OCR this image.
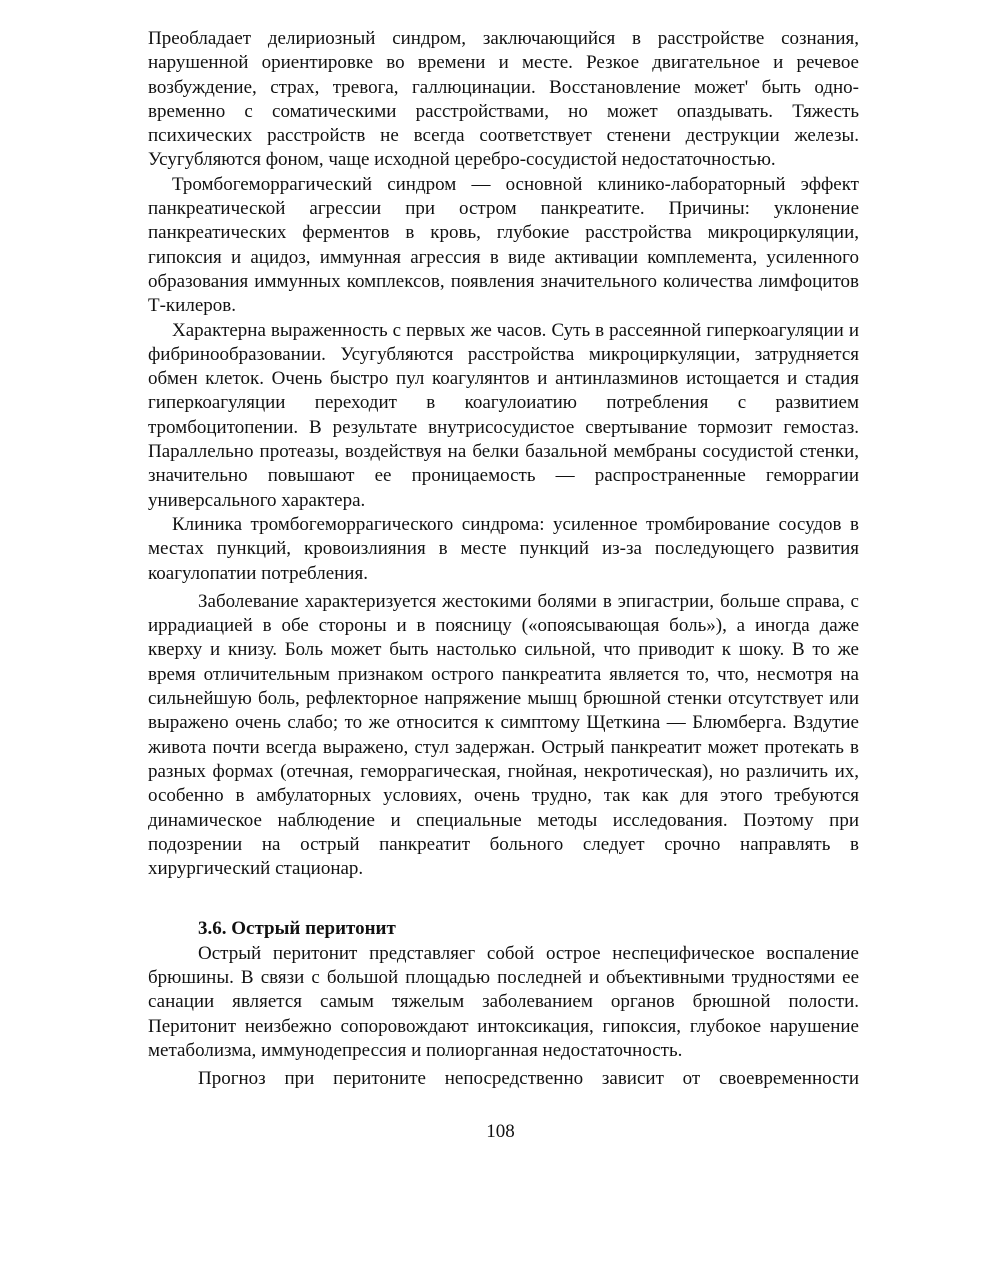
Преобладает делириозный синдром, заключающийся в расстройстве сознания, нарушенной ориентировке во времени и месте. Резкое двигательное и речевое возбуждение, страх, тревога, галлюцинации. Восстановление может' быть одновременно с соматическими расстройствами, но может опаздывать. Тяжесть психических расстройств не всегда соответствует стенени деструкции железы. Усугубляются фоном, чаще исходной церебро-сосудистой недостаточностью.

Тромбогеморрагический синдром — основной клинико-лабораторный эффект панкреатической агрессии при остром панкреатите. Причины: уклонение панкреатических ферментов в кровь, глубокие расстройства микроциркуляции, гипоксия и ацидоз, иммунная агрессия в виде активации комплемента, усиленного образования иммунных комплексов, появления значительного количества лимфоцитов Т-килеров.

Характерна выраженность с первых же часов. Суть в рассеянной гиперкоагуляции и фибринообразовании. Усугубляются расстройства микроциркуляции, затрудняется обмен клеток. Очень быстро пул коагулянтов и антинлазминов истощается и стадия гиперкоагуляции переходит в коагулоиатию потребления с развитием тромбоцитопении. В результате внутрисосудистое свертывание тормозит гемостаз. Параллельно протеазы, воздействуя на белки базальной мембраны сосудистой стенки, значительно повышают ее проницаемость — распространенные геморрагии универсального характера.

Клиника тромбогеморрагического синдрома: усиленное тромбирование сосудов в местах пункций, кровоизлияния в месте пункций из-за последующего развития коагулопатии потребления.

Заболевание характеризуется жестокими болями в эпигастрии, больше справа, с иррадиацией в обе стороны и в поясницу («опоясывающая боль»), а иногда даже кверху и книзу. Боль может быть настолько сильной, что приводит к шоку. В то же время отличительным признаком острого панкреатита является то, что, несмотря на сильнейшую боль, рефлекторное напряжение мышц брюшной стенки отсутствует или выражено очень слабо; то же относится к симптому Щеткина — Блюмберга. Вздутие живота почти всегда выражено, стул задержан. Острый панкреатит может протекать в разных формах (отечная, геморрагическая, гнойная, некротическая), но различить их, особенно в амбулаторных условиях, очень трудно, так как для этого требуются динамическое наблюдение и специальные методы исследования. Поэтому при подозрении на острый панкреатит больного следует срочно направлять в хирургический стационар.

3.6. Острый перитонит

Острый перитонит представляег собой острое неспецифическое воспаление брюшины. В связи с большой площадью последней и объективными трудностями ее санации является самым тяжелым заболеванием органов брюшной полости. Перитонит неизбежно сопоровождают интоксикация, гипоксия, глубокое нарушение метаболизма, иммунодепрессия и полиорганная недостаточность.

Прогноз при перитоните непосредственно зависит от своевременности

108
